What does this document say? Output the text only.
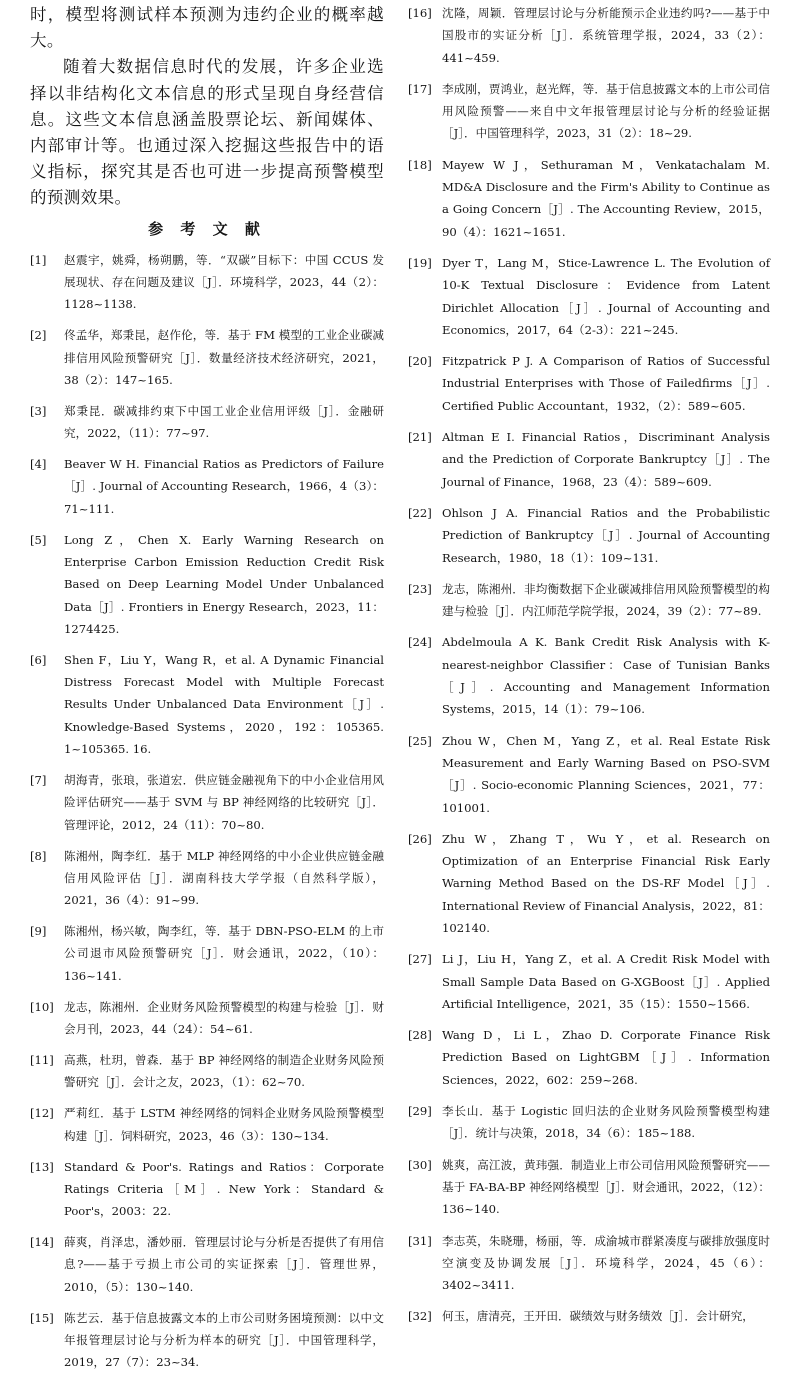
时，模型将测试样本预测为违约企业的概率越大。

随着大数据信息时代的发展，许多企业选择以非结构化文本信息的形式呈现自身经营信息。这些文本信息涵盖股票论坛、新闻媒体、内部审计等。也通过深入挖掘这些报告中的语义指标，探究其是否也可进一步提高预警模型的预测效果。

参 考 文 献
[1]	赵震宇，姚舜，杨朔鹏，等．“双碳”目标下：中国 CCUS 发展现状、存在问题及建议［J］．环境科学，2023，44（2）：1128~1138.
[2]	佟孟华，郑秉昆，赵作伦，等．基于 FM 模型的工业企业碳减排信用风险预警研究［J］．数量经济技术经济研究，2021，38（2）：147~165.
[3]	郑秉昆．碳减排约束下中国工业企业信用评级［J］．金融研究，2022，（11）：77~97.
[4]	Beaver W H. Financial Ratios as Predictors of Failure［J］. Journal of Accounting Research，1966，4（3）：71~111.
[5]	Long Z，Chen X. Early Warning Research on Enterprise Carbon Emission Reduction Credit Risk Based on Deep Learning Model Under Unbalanced Data［J］. Frontiers in Energy Research，2023，11：1274425.
[6]	Shen F，Liu Y，Wang R，et al. A Dynamic Financial Distress Forecast Model with Multiple Forecast Results Under Unbalanced Data Environment［J］. Knowledge-Based Systems，2020，192：105365. 1~105365. 16.
[7]	胡海青，张琅，张道宏．供应链金融视角下的中小企业信用风险评估研究——基于 SVM 与 BP 神经网络的比较研究［J］．管理评论，2012，24（11）：70~80.
[8]	陈湘州，陶李红．基于 MLP 神经网络的中小企业供应链金融信用风险评估［J］．湖南科技大学学报（自然科学版），2021，36（4）：91~99.
[9]	陈湘州，杨兴敏，陶李红，等．基于 DBN-PSO-ELM 的上市公司退市风险预警研究［J］．财会通讯，2022，（10）：136~141.
[10] 龙志，陈湘州．企业财务风险预警模型的构建与检验［J］．财会月刊，2023，44（24）：54~61.
[11] 高燕，杜玥，曾森．基于 BP 神经网络的制造企业财务风险预警研究［J］．会计之友，2023，（1）：62~70.
[12] 严莉红．基于 LSTM 神经网络的饲料企业财务风险预警模型构建［J］．饲料研究，2023，46（3）：130~134.
[13] Standard & Poor's. Ratings and Ratios：Corporate Ratings Criteria［M］. New York：Standard & Poor's，2003：22.
[14] 薛爽，肖泽忠，潘妙丽．管理层讨论与分析是否提供了有用信息?——基于亏损上市公司的实证探索［J］．管理世界，2010，（5）：130~140.
[15] 陈艺云．基于信息披露文本的上市公司财务困境预测：以中文年报管理层讨论与分析为样本的研究［J］．中国管理科学，2019，27（7）：23~34.
[16] 沈隆，周颖．管理层讨论与分析能预示企业违约吗?——基于中国股市的实证分析［J］．系统管理学报，2024，33（2）：441~459.
[17] 李成刚，贾鸿业，赵光辉，等．基于信息披露文本的上市公司信用风险预警——来自中文年报管理层讨论与分析的经验证据［J］．中国管理科学，2023，31（2）：18~29.
[18] Mayew W J，Sethuraman M，Venkatachalam M. MD&A Disclosure and the Firm's Ability to Continue as a Going Concern［J］. The Accounting Review，2015，90（4）：1621~1651.
[19] Dyer T，Lang M，Stice-Lawrence L. The Evolution of 10-K Textual Disclosure：Evidence from Latent Dirichlet Allocation［J］. Journal of Accounting and Economics，2017，64（2-3）：221~245.
[20] Fitzpatrick P J. A Comparison of Ratios of Successful Industrial Enterprises with Those of Failedfirms［J］. Certified Public Accountant，1932，（2）：589~605.
[21] Altman E I. Financial Ratios，Discriminant Analysis and the Prediction of Corporate Bankruptcy［J］. The Journal of Finance，1968，23（4）：589~609.
[22] Ohlson J A. Financial Ratios and the Probabilistic Prediction of Bankruptcy［J］. Journal of Accounting Research，1980，18（1）：109~131.
[23] 龙志，陈湘州．非均衡数据下企业碳减排信用风险预警模型的构建与检验［J］．内江师范学院学报，2024，39（2）：77~89.
[24] Abdelmoula A K. Bank Credit Risk Analysis with K-nearest-neighbor Classifier：Case of Tunisian Banks［J］. Accounting and Management Information Systems，2015，14（1）：79~106.
[25] Zhou W，Chen M，Yang Z，et al. Real Estate Risk Measurement and Early Warning Based on PSO-SVM［J］. Socio-economic Planning Sciences，2021，77：101001.
[26] Zhu W，Zhang T，Wu Y，et al. Research on Optimization of an Enterprise Financial Risk Early Warning Method Based on the DS-RF Model［J］. International Review of Financial Analysis，2022，81：102140.
[27] Li J，Liu H，Yang Z，et al. A Credit Risk Model with Small Sample Data Based on G-XGBoost［J］. Applied Artificial Intelligence，2021，35（15）：1550~1566.
[28] Wang D，Li L，Zhao D. Corporate Finance Risk Prediction Based on LightGBM［J］. Information Sciences，2022，602：259~268.
[29] 李长山．基于 Logistic 回归法的企业财务风险预警模型构建［J］．统计与决策，2018，34（6）：185~188.
[30] 姚爽，高江波，黄玮强．制造业上市公司信用风险预警研究——基于 FA-BA-BP 神经网络模型［J］．财会通讯，2022，（12）：136~140.
[31] 李志英，朱晓珊，杨丽，等．成渝城市群紧凑度与碳排放强度时空演变及协调发展［J］．环境科学，2024，45（6）：3402~3411.
[32] 何玉，唐清亮，王开田．碳绩效与财务绩效［J］．会计研究，
